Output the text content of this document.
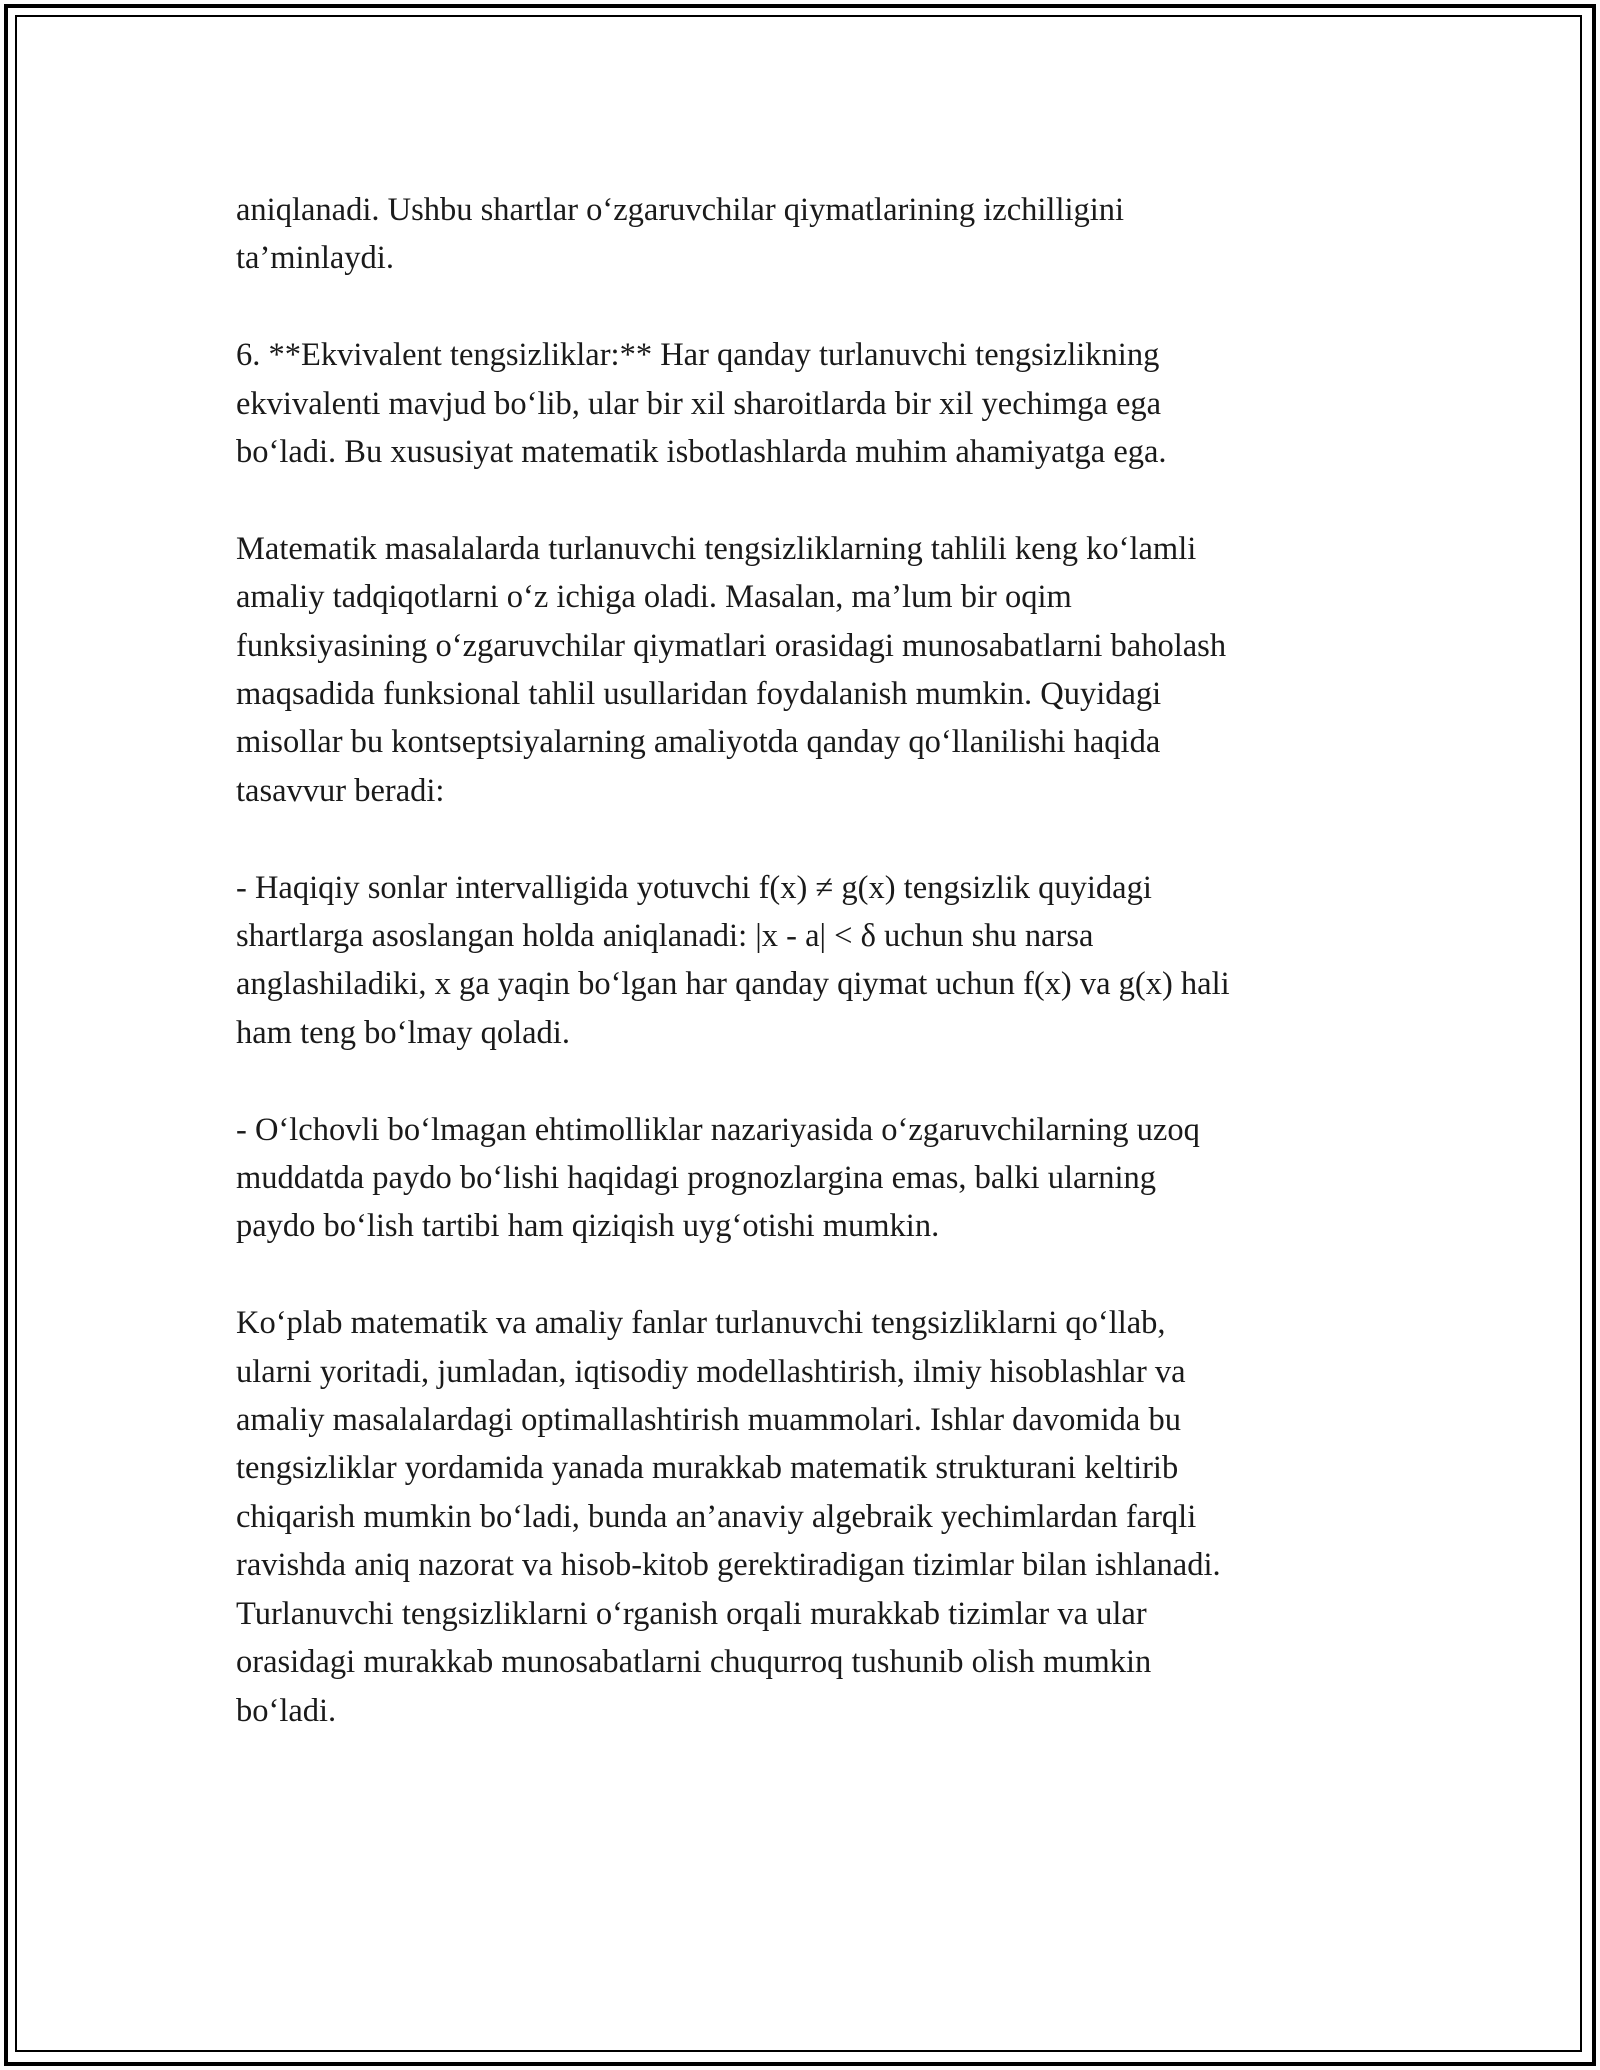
aniqlanadi. Ushbu shartlar o‘zgaruvchilar qiymatlarining izchilligini
ta’minlaydi.

6. **Ekvivalent tengsizliklar:** Har qanday turlanuvchi tengsizlikning
ekvivalenti mavjud bo‘lib, ular bir xil sharoitlarda bir xil yechimga ega
bo‘ladi. Bu xususiyat matematik isbotlashlarda muhim ahamiyatga ega.

Matematik masalalarda turlanuvchi tengsizliklarning tahlili keng ko‘lamli
amaliy tadqiqotlarni o‘z ichiga oladi. Masalan, ma’lum bir oqim
funksiyasining o‘zgaruvchilar qiymatlari orasidagi munosabatlarni baholash
maqsadida funksional tahlil usullaridan foydalanish mumkin. Quyidagi
misollar bu kontseptsiyalarning amaliyotda qanday qo‘llanilishi haqida
tasavvur beradi:

- Haqiqiy sonlar intervalligida yotuvchi f(x) ≠ g(x) tengsizlik quyidagi
shartlarga asoslangan holda aniqlanadi: |x - a| < δ uchun shu narsa
anglashiladiki, x ga yaqin bo‘lgan har qanday qiymat uchun f(x) va g(x) hali
ham teng bo‘lmay qoladi.

- O‘lchovli bo‘lmagan ehtimolliklar nazariyasida o‘zgaruvchilarning uzoq
muddatda paydo bo‘lishi haqidagi prognozlargina emas, balki ularning
paydo bo‘lish tartibi ham qiziqish uyg‘otishi mumkin.

Ko‘plab matematik va amaliy fanlar turlanuvchi tengsizliklarni qo‘llab,
ularni yoritadi, jumladan, iqtisodiy modellashtirish, ilmiy hisoblashlar va
amaliy masalalardagi optimallashtirish muammolari. Ishlar davomida bu
tengsizliklar yordamida yanada murakkab matematik strukturani keltirib
chiqarish mumkin bo‘ladi, bunda an’anaviy algebraik yechimlardan farqli
ravishda aniq nazorat va hisob-kitob gerektiradigan tizimlar bilan ishlanadi.
Turlanuvchi tengsizliklarni o‘rganish orqali murakkab tizimlar va ular
orasidagi murakkab munosabatlarni chuqurroq tushunib olish mumkin
bo‘ladi.
